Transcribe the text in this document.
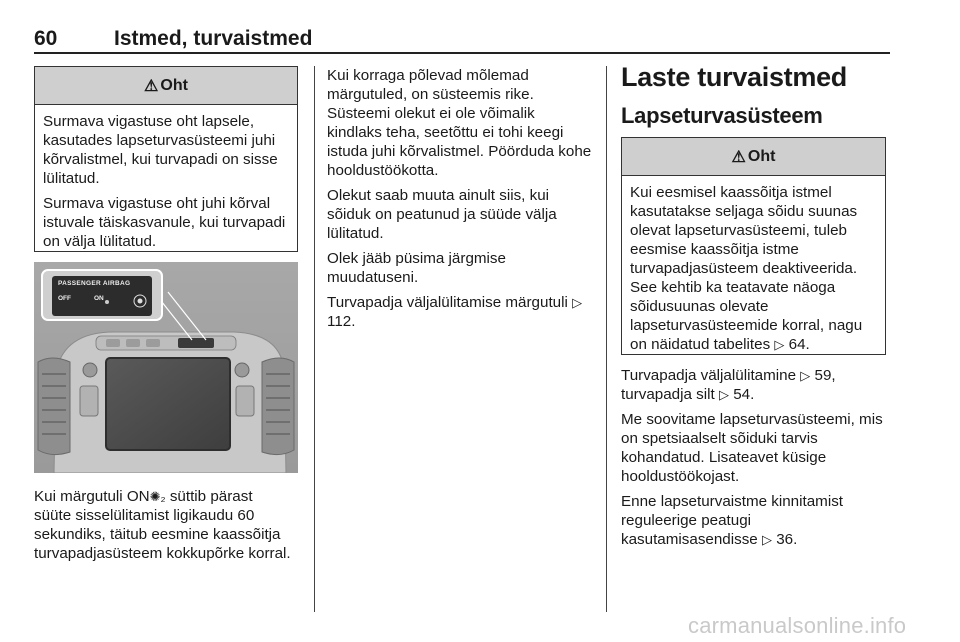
60	Istmed, turvaistmed
⚠ Oht

Surmava vigastuse oht lapsele, kasutades lapseturvasüsteemi juhi kõrvalistmel, kui turvapadi on sisse lülitatud.

Surmava vigastuse oht juhi kõrval istuvale täiskasvanule, kui turvapadi on välja lülitatud.

PASSENGER AIRBAG
OFF	ON
Kui märgutuli ON✺₂ süttib pärast
süüte sisselülitamist ligikaudu 60 sekundiks, täitub eesmine kaassõitja turvapadjasüsteem kokkupõrke korral.

Kui korraga põlevad mõlemad märgutuled, on süsteemis rike. Süsteemi olekut ei ole võimalik kindlaks teha, seetõttu ei tohi keegi istuda juhi kõrvalistmel. Pöörduda kohe hooldustöökotta.

Olekut saab muuta ainult siis, kui sõiduk on peatunud ja süüde välja lülitatud.

Olek jääb püsima järgmise muudatuseni.

Turvapadja väljalülitamise märgutuli ▷ 112.

Laste turvaistmed
Lapseturvasüsteem
⚠ Oht

Kui eesmisel kaassõitja istmel kasutatakse seljaga sõidu suunas olevat lapseturvasüsteemi, tuleb eesmise kaassõitja istme turvapadjasüsteem deaktiveerida. See kehtib ka teatavate näoga sõidusuunas olevate lapseturvasüsteemide korral, nagu on näidatud tabelites ▷ 64.

Turvapadja väljalülitamine ▷ 59,
turvapadja silt ▷ 54.

Me soovitame lapseturvasüsteemi, mis on spetsiaalselt sõiduki tarvis kohandatud. Lisateavet küsige hooldustöökojast.

Enne lapseturvaistme kinnitamist reguleerige peatugi kasutamisasendisse ▷ 36.

carmanualsonline.info
